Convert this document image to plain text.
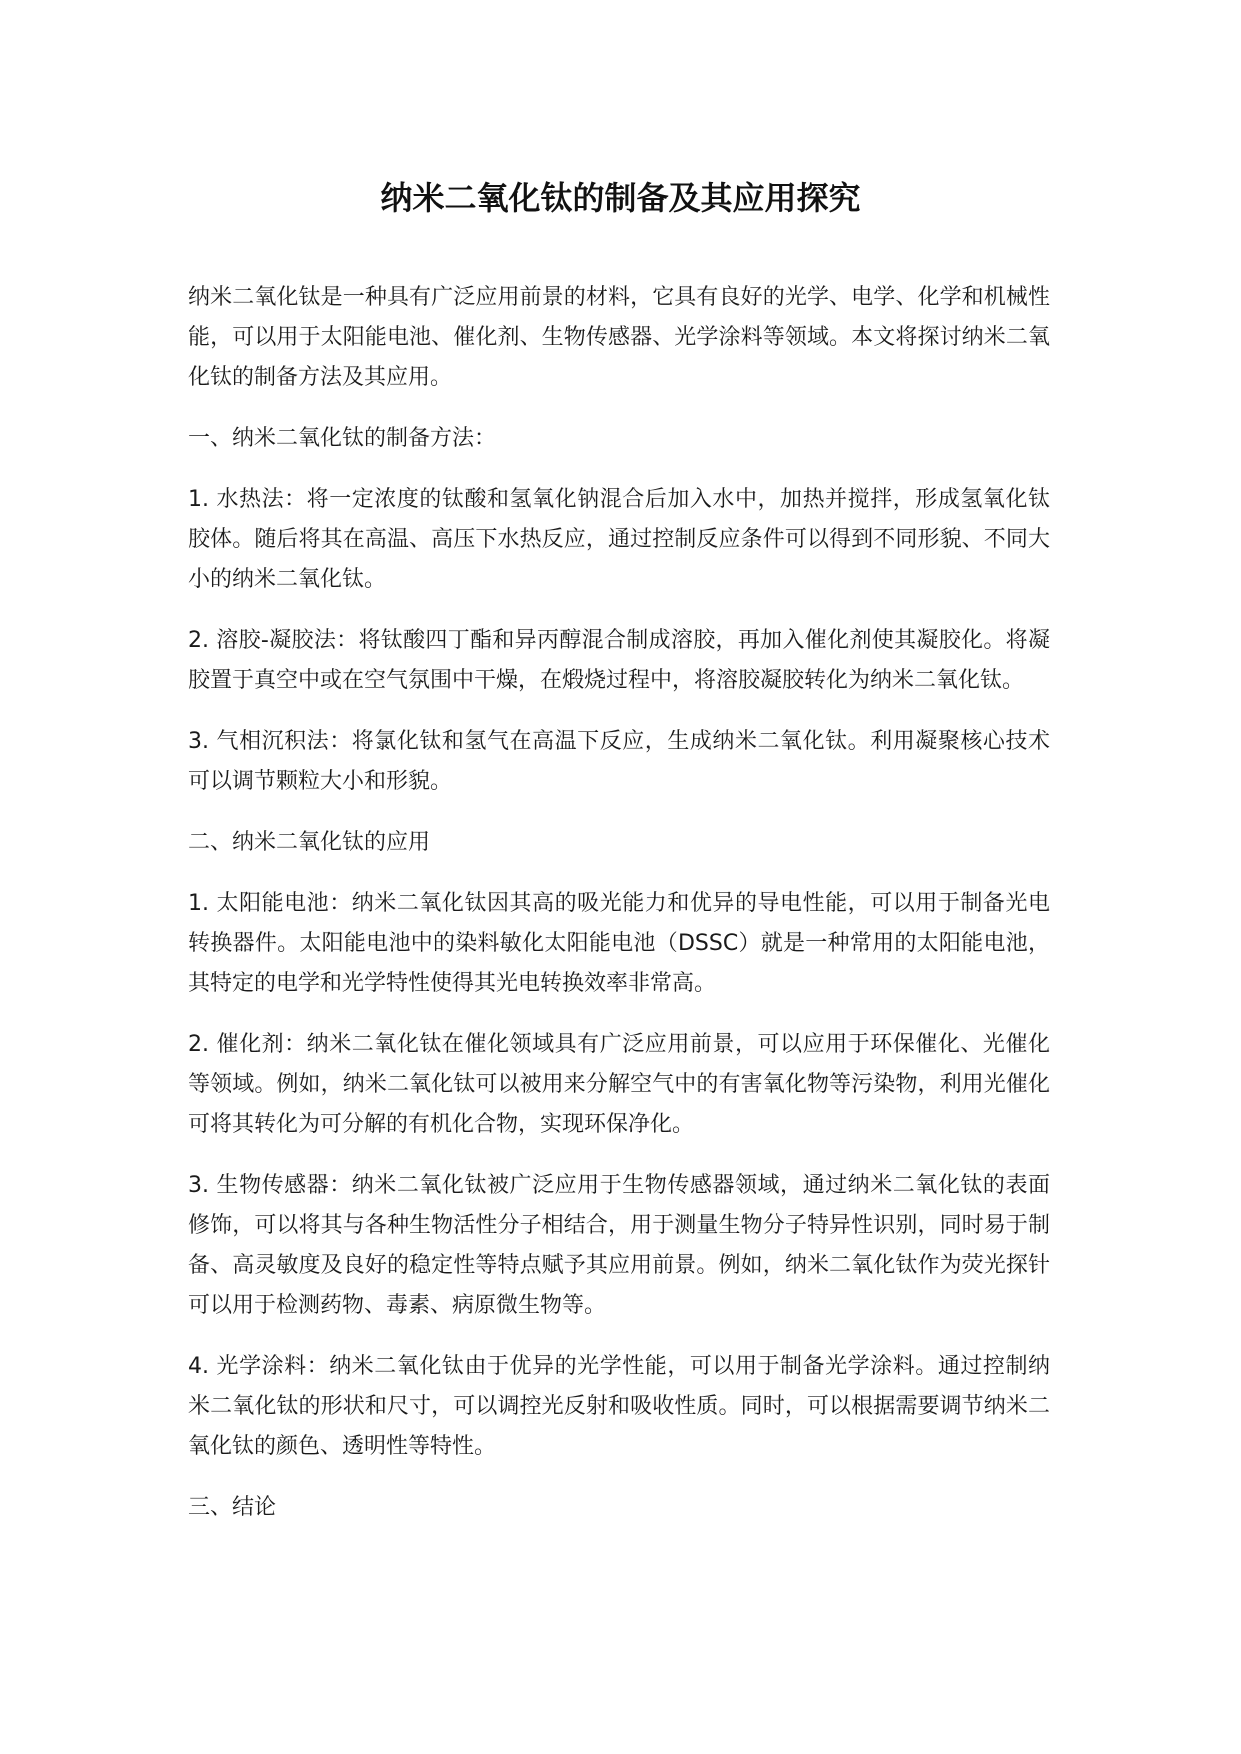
纳米二氧化钛的制备及其应用探究

纳米二氧化钛是一种具有广泛应用前景的材料，它具有良好的光学、电学、化学和机械性能，可以用于太阳能电池、催化剂、生物传感器、光学涂料等领域。本文将探讨纳米二氧化钛的制备方法及其应用。

一、纳米二氧化钛的制备方法：

1. 水热法：将一定浓度的钛酸和氢氧化钠混合后加入水中，加热并搅拌，形成氢氧化钛胶体。随后将其在高温、高压下水热反应，通过控制反应条件可以得到不同形貌、不同大小的纳米二氧化钛。

2. 溶胶-凝胶法：将钛酸四丁酯和异丙醇混合制成溶胶，再加入催化剂使其凝胶化。将凝胶置于真空中或在空气氛围中干燥，在煅烧过程中，将溶胶凝胶转化为纳米二氧化钛。

3. 气相沉积法：将氯化钛和氢气在高温下反应，生成纳米二氧化钛。利用凝聚核心技术可以调节颗粒大小和形貌。

二、纳米二氧化钛的应用

1. 太阳能电池：纳米二氧化钛因其高的吸光能力和优异的导电性能，可以用于制备光电转换器件。太阳能电池中的染料敏化太阳能电池（DSSC）就是一种常用的太阳能电池，其特定的电学和光学特性使得其光电转换效率非常高。

2. 催化剂：纳米二氧化钛在催化领域具有广泛应用前景，可以应用于环保催化、光催化等领域。例如，纳米二氧化钛可以被用来分解空气中的有害氧化物等污染物，利用光催化可将其转化为可分解的有机化合物，实现环保净化。

3. 生物传感器：纳米二氧化钛被广泛应用于生物传感器领域，通过纳米二氧化钛的表面修饰，可以将其与各种生物活性分子相结合，用于测量生物分子特异性识别，同时易于制备、高灵敏度及良好的稳定性等特点赋予其应用前景。例如，纳米二氧化钛作为荧光探针可以用于检测药物、毒素、病原微生物等。

4. 光学涂料：纳米二氧化钛由于优异的光学性能，可以用于制备光学涂料。通过控制纳米二氧化钛的形状和尺寸，可以调控光反射和吸收性质。同时，可以根据需要调节纳米二氧化钛的颜色、透明性等特性。

三、结论
